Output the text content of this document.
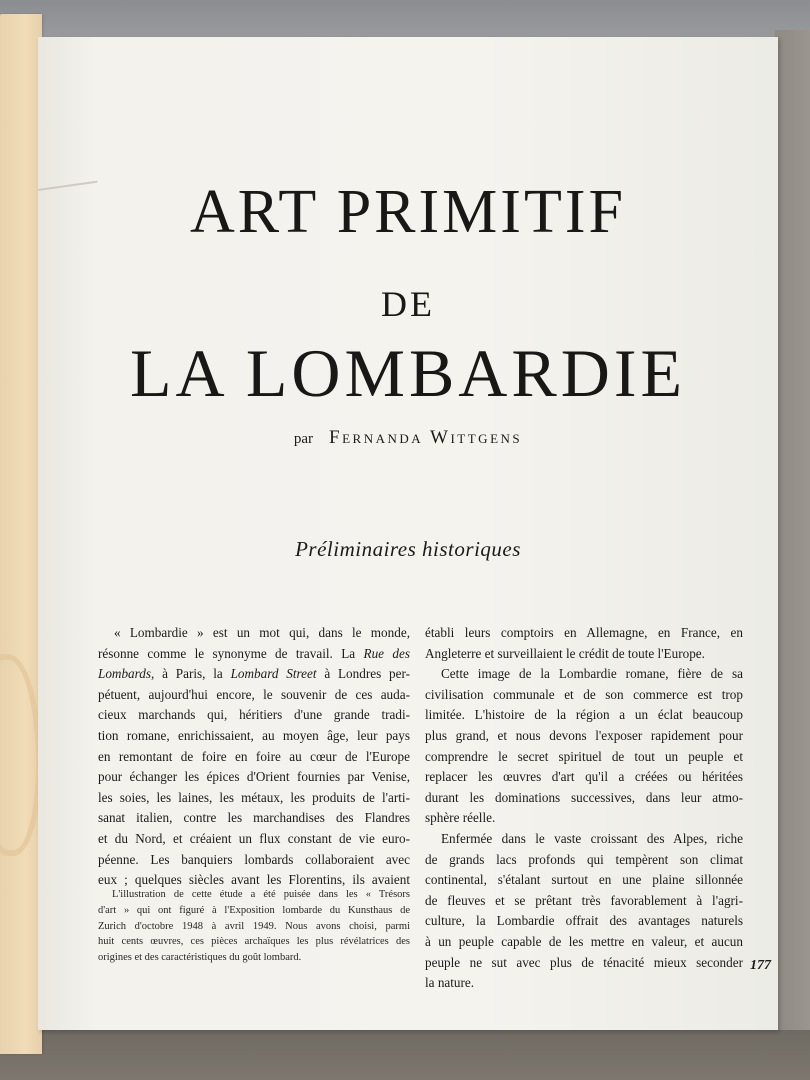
ART PRIMITIF
DE
LA LOMBARDIE
par Fernanda Wittgens
Préliminaires historiques
« Lombardie » est un mot qui, dans le monde,
résonne comme le synonyme de travail. La Rue des
Lombards, à Paris, la Lombard Street à Londres per-
pétuent, aujourd'hui encore, le souvenir de ces auda-
cieux marchands qui, héritiers d'une grande tradi-
tion romane, enrichissaient, au moyen âge, leur pays
en remontant de foire en foire au cœur de l'Europe
pour échanger les épices d'Orient fournies par Venise,
les soies, les laines, les métaux, les produits de l'arti-
sanat italien, contre les marchandises des Flandres
et du Nord, et créaient un flux constant de vie euro-
péenne. Les banquiers lombards collaboraient avec
eux ; quelques siècles avant les Florentins, ils avaient
L'illustration de cette étude a été puisée dans les « Trésors
d'art » qui ont figuré à l'Exposition lombarde du Kunsthaus de
Zurich d'octobre 1948 à avril 1949. Nous avons choisi, parmi
huit cents œuvres, ces pièces archaïques les plus révélatrices des
origines et des caractéristiques du goût lombard.
établi leurs comptoirs en Allemagne, en France, en
Angleterre et surveillaient le crédit de toute l'Europe.
Cette image de la Lombardie romane, fière de sa
civilisation communale et de son commerce est trop
limitée. L'histoire de la région a un éclat beaucoup
plus grand, et nous devons l'exposer rapidement pour
comprendre le secret spirituel de tout un peuple et
replacer les œuvres d'art qu'il a créées ou héritées
durant les dominations successives, dans leur atmo-
sphère réelle.
Enfermée dans le vaste croissant des Alpes, riche
de grands lacs profonds qui tempèrent son climat
continental, s'étalant surtout en une plaine sillonnée
de fleuves et se prêtant très favorablement à l'agri-
culture, la Lombardie offrait des avantages naturels
à un peuple capable de les mettre en valeur, et aucun
peuple ne sut avec plus de ténacité mieux seconder
la nature.
177
